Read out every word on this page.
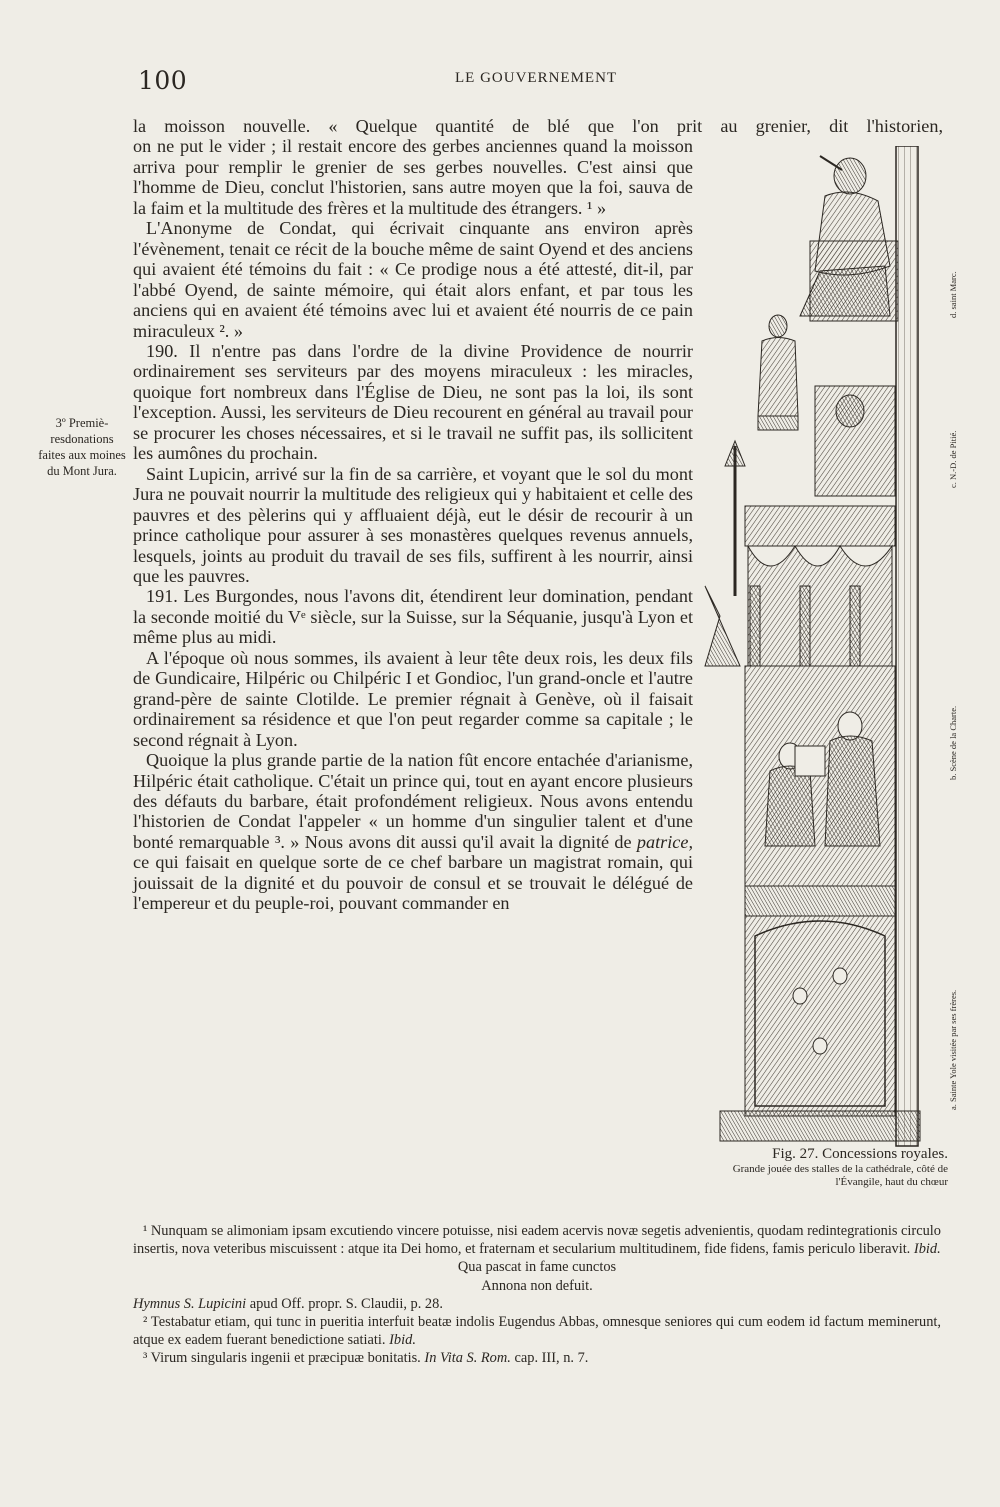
100	LE GOUVERNEMENT
3º Premiè-resdonations faites aux moines du Mont Jura.

la moisson nouvelle. « Quelque quantité de blé que l'on prit au grenier, dit l'historien,

on ne put le vider ; il restait encore des gerbes anciennes quand la moisson arriva pour remplir le grenier de ses gerbes nouvelles. C'est ainsi que l'homme de Dieu, conclut l'historien, sans autre moyen que la foi, sauva de la faim et la multitude des frères et la multitude des étrangers. ¹ »

L'Anonyme de Condat, qui écrivait cinquante ans environ après l'évènement, tenait ce récit de la bouche même de saint Oyend et des anciens qui avaient été témoins du fait : « Ce prodige nous a été attesté, dit-il, par l'abbé Oyend, de sainte mémoire, qui était alors enfant, et par tous les anciens qui en avaient été témoins avec lui et avaient été nourris de ce pain miraculeux ². »

190. Il n'entre pas dans l'ordre de la divine Providence de nourrir ordinairement ses serviteurs par des moyens miraculeux : les miracles, quoique fort nombreux dans l'Église de Dieu, ne sont pas la loi, ils sont l'exception. Aussi, les serviteurs de Dieu recourent en général au travail pour se procurer les choses nécessaires, et si le travail ne suffit pas, ils sollicitent les aumônes du prochain.

Saint Lupicin, arrivé sur la fin de sa carrière, et voyant que le sol du mont Jura ne pouvait nourrir la multitude des religieux qui y habitaient et celle des pauvres et des pèlerins qui y affluaient déjà, eut le désir de recourir à un prince catholique pour assurer à ses monastères quelques revenus annuels, lesquels, joints au produit du travail de ses fils, suffirent à les nourrir, ainsi que les pauvres.

191. Les Burgondes, nous l'avons dit, étendirent leur domination, pendant la seconde moitié du Vᵉ siècle, sur la Suisse, sur la Séquanie, jusqu'à Lyon et même plus au midi.

A l'époque où nous sommes, ils avaient à leur tête deux rois, les deux fils de Gundicaire, Hilpéric ou Chilpéric I et Gondioc, l'un grand-oncle et l'autre grand-père de sainte Clotilde. Le premier régnait à Genève, où il faisait ordinairement sa résidence et que l'on peut regarder comme sa capitale ; le second régnait à Lyon.

Quoique la plus grande partie de la nation fût encore entachée d'arianisme, Hilpéric était catholique. C'était un prince qui, tout en ayant encore plusieurs des défauts du barbare, était profondément religieux. Nous avons entendu l'historien de Condat l'appeler « un homme d'un singulier talent et d'une bonté remarquable ³. » Nous avons dit aussi qu'il avait la dignité de patrice, ce qui faisait en quelque sorte de ce chef barbare un magistrat romain, qui jouissait de la dignité et du pouvoir de consul et se trouvait le délégué de l'empereur et du peuple-roi, pouvant commander en

d. saint Marc.
c. N.-D. de Pitié.
b. Scène de la Charte.
a. Sainte Yole visitée par ses frères.
Fig. 27. Concessions royales.
Grande jouée des stalles de la cathédrale, côté de l'Évangile, haut du chœur

¹ Nunquam se alimoniam ipsam excutiendo vincere potuisse, nisi eadem acervis novæ segetis advenientis, quodam redintegrationis circulo insertis, nova veteribus miscuissent : atque ita Dei homo, et fraternam et secularium multitudinem, fide fidens, famis periculo liberavit. Ibid.

Qua pascat in fame cunctos

Annona non defuit.

Hymnus S. Lupicini apud Off. propr. S. Claudii, p. 28.

² Testabatur etiam, qui tunc in pueritia interfuit beatæ indolis Eugendus Abbas, omnesque seniores qui cum eodem id factum meminerunt, atque ex eadem fuerant benedictione satiati. Ibid.

³ Virum singularis ingenii et præcipuæ bonitatis. In Vita S. Rom. cap. III, n. 7.
